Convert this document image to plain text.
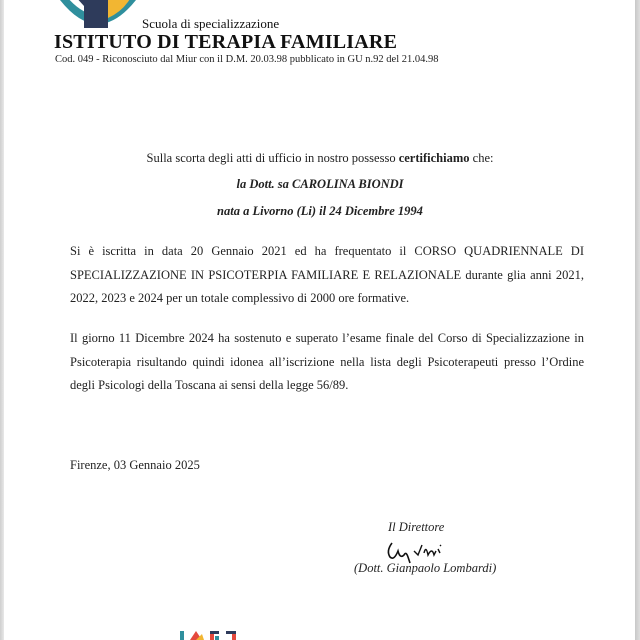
Scuola di specializzazione
ISTITUTO DI TERAPIA FAMILIARE
Cod. 049 - Riconosciuto dal Miur con il D.M. 20.03.98 pubblicato in GU n.92 del 21.04.98
Sulla scorta degli atti di ufficio in nostro possesso certifichiamo che:
la Dott. sa CAROLINA BIONDI
nata a Livorno (Li) il 24 Dicembre 1994
Si è iscritta in data 20 Gennaio 2021 ed ha frequentato il CORSO QUADRIENNALE DI SPECIALIZZAZIONE IN PSICOTERPIA FAMILIARE E RELAZIONALE durante glia anni 2021, 2022, 2023 e 2024 per un totale complessivo di 2000 ore formative.
Il giorno 11 Dicembre 2024 ha sostenuto e superato l’esame finale del Corso di Specializzazione in Psicoterapia risultando quindi idonea all’iscrizione nella lista degli Psicoterapeuti presso l’Ordine degli Psicologi della Toscana ai sensi della legge 56/89.
Firenze, 03 Gennaio 2025
Il Direttore
(Dott. Gianpaolo Lombardi)
